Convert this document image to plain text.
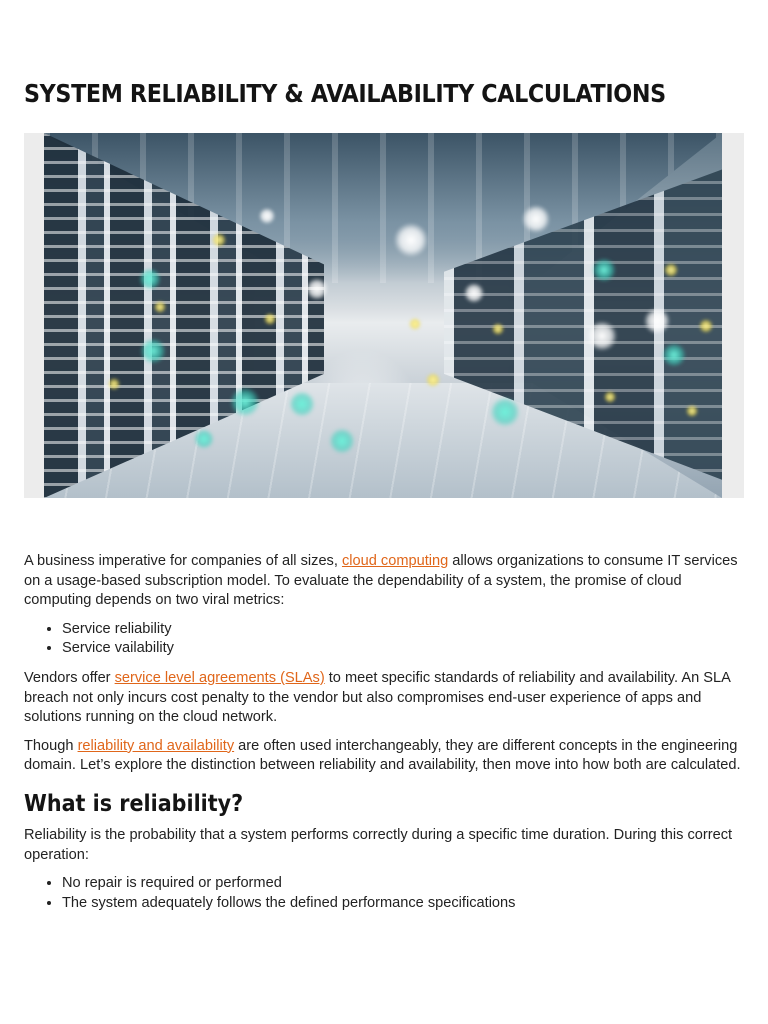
SYSTEM RELIABILITY & AVAILABILITY CALCULATIONS

A business imperative for companies of all sizes, cloud computing allows organizations to consume IT services on a usage-based subscription model. To evaluate the dependability of a system, the promise of cloud computing depends on two viral metrics:

• Service reliability
• Service vailability

Vendors offer service level agreements (SLAs) to meet specific standards of reliability and availability. An SLA breach not only incurs cost penalty to the vendor but also compromises end-user experience of apps and solutions running on the cloud network.

Though reliability and availability are often used interchangeably, they are different concepts in the engineering domain. Let’s explore the distinction between reliability and availability, then move into how both are calculated.

What is reliability?

Reliability is the probability that a system performs correctly during a specific time duration. During this correct operation:

• No repair is required or performed
• The system adequately follows the defined performance specifications
